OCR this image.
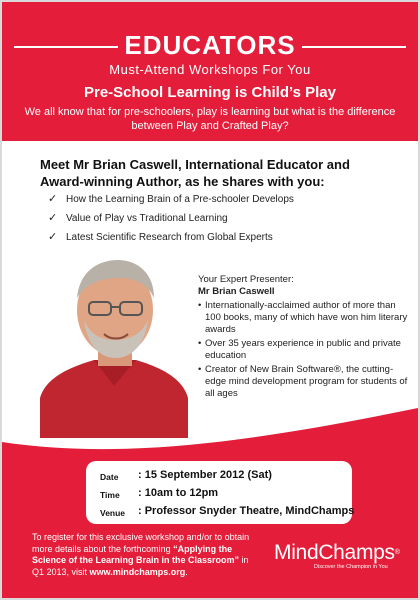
EDUCATORS
Must-Attend Workshops For You
Pre-School Learning is Child’s Play
We all know that for pre-schoolers, play is learning but what is the difference between Play and Crafted Play?
Meet Mr Brian Caswell, International Educator and
Award-winning Author, as he shares with you:
✓ How the Learning Brain of a Pre-schooler Develops
✓ Value of Play vs Traditional Learning
✓ Latest Scientific Research from Global Experts
Your Expert Presenter:
Mr Brian Caswell
• Internationally-acclaimed author of more than 100 books, many of which have won him literary awards
• Over 35 years experience in public and private education
• Creator of New Brain Software®, the cutting-edge mind development program for students of all ages
Date : 15 September 2012 (Sat)
Time : 10am to 12pm
Venue : Professor Snyder Theatre, MindChamps
To register for this exclusive workshop and/or to obtain more details about the forthcoming “Applying the Science of the Learning Brain in the Classroom” in Q1 2013, visit www.mindchamps.org.
MindChamps®
Discover the Champion in You
